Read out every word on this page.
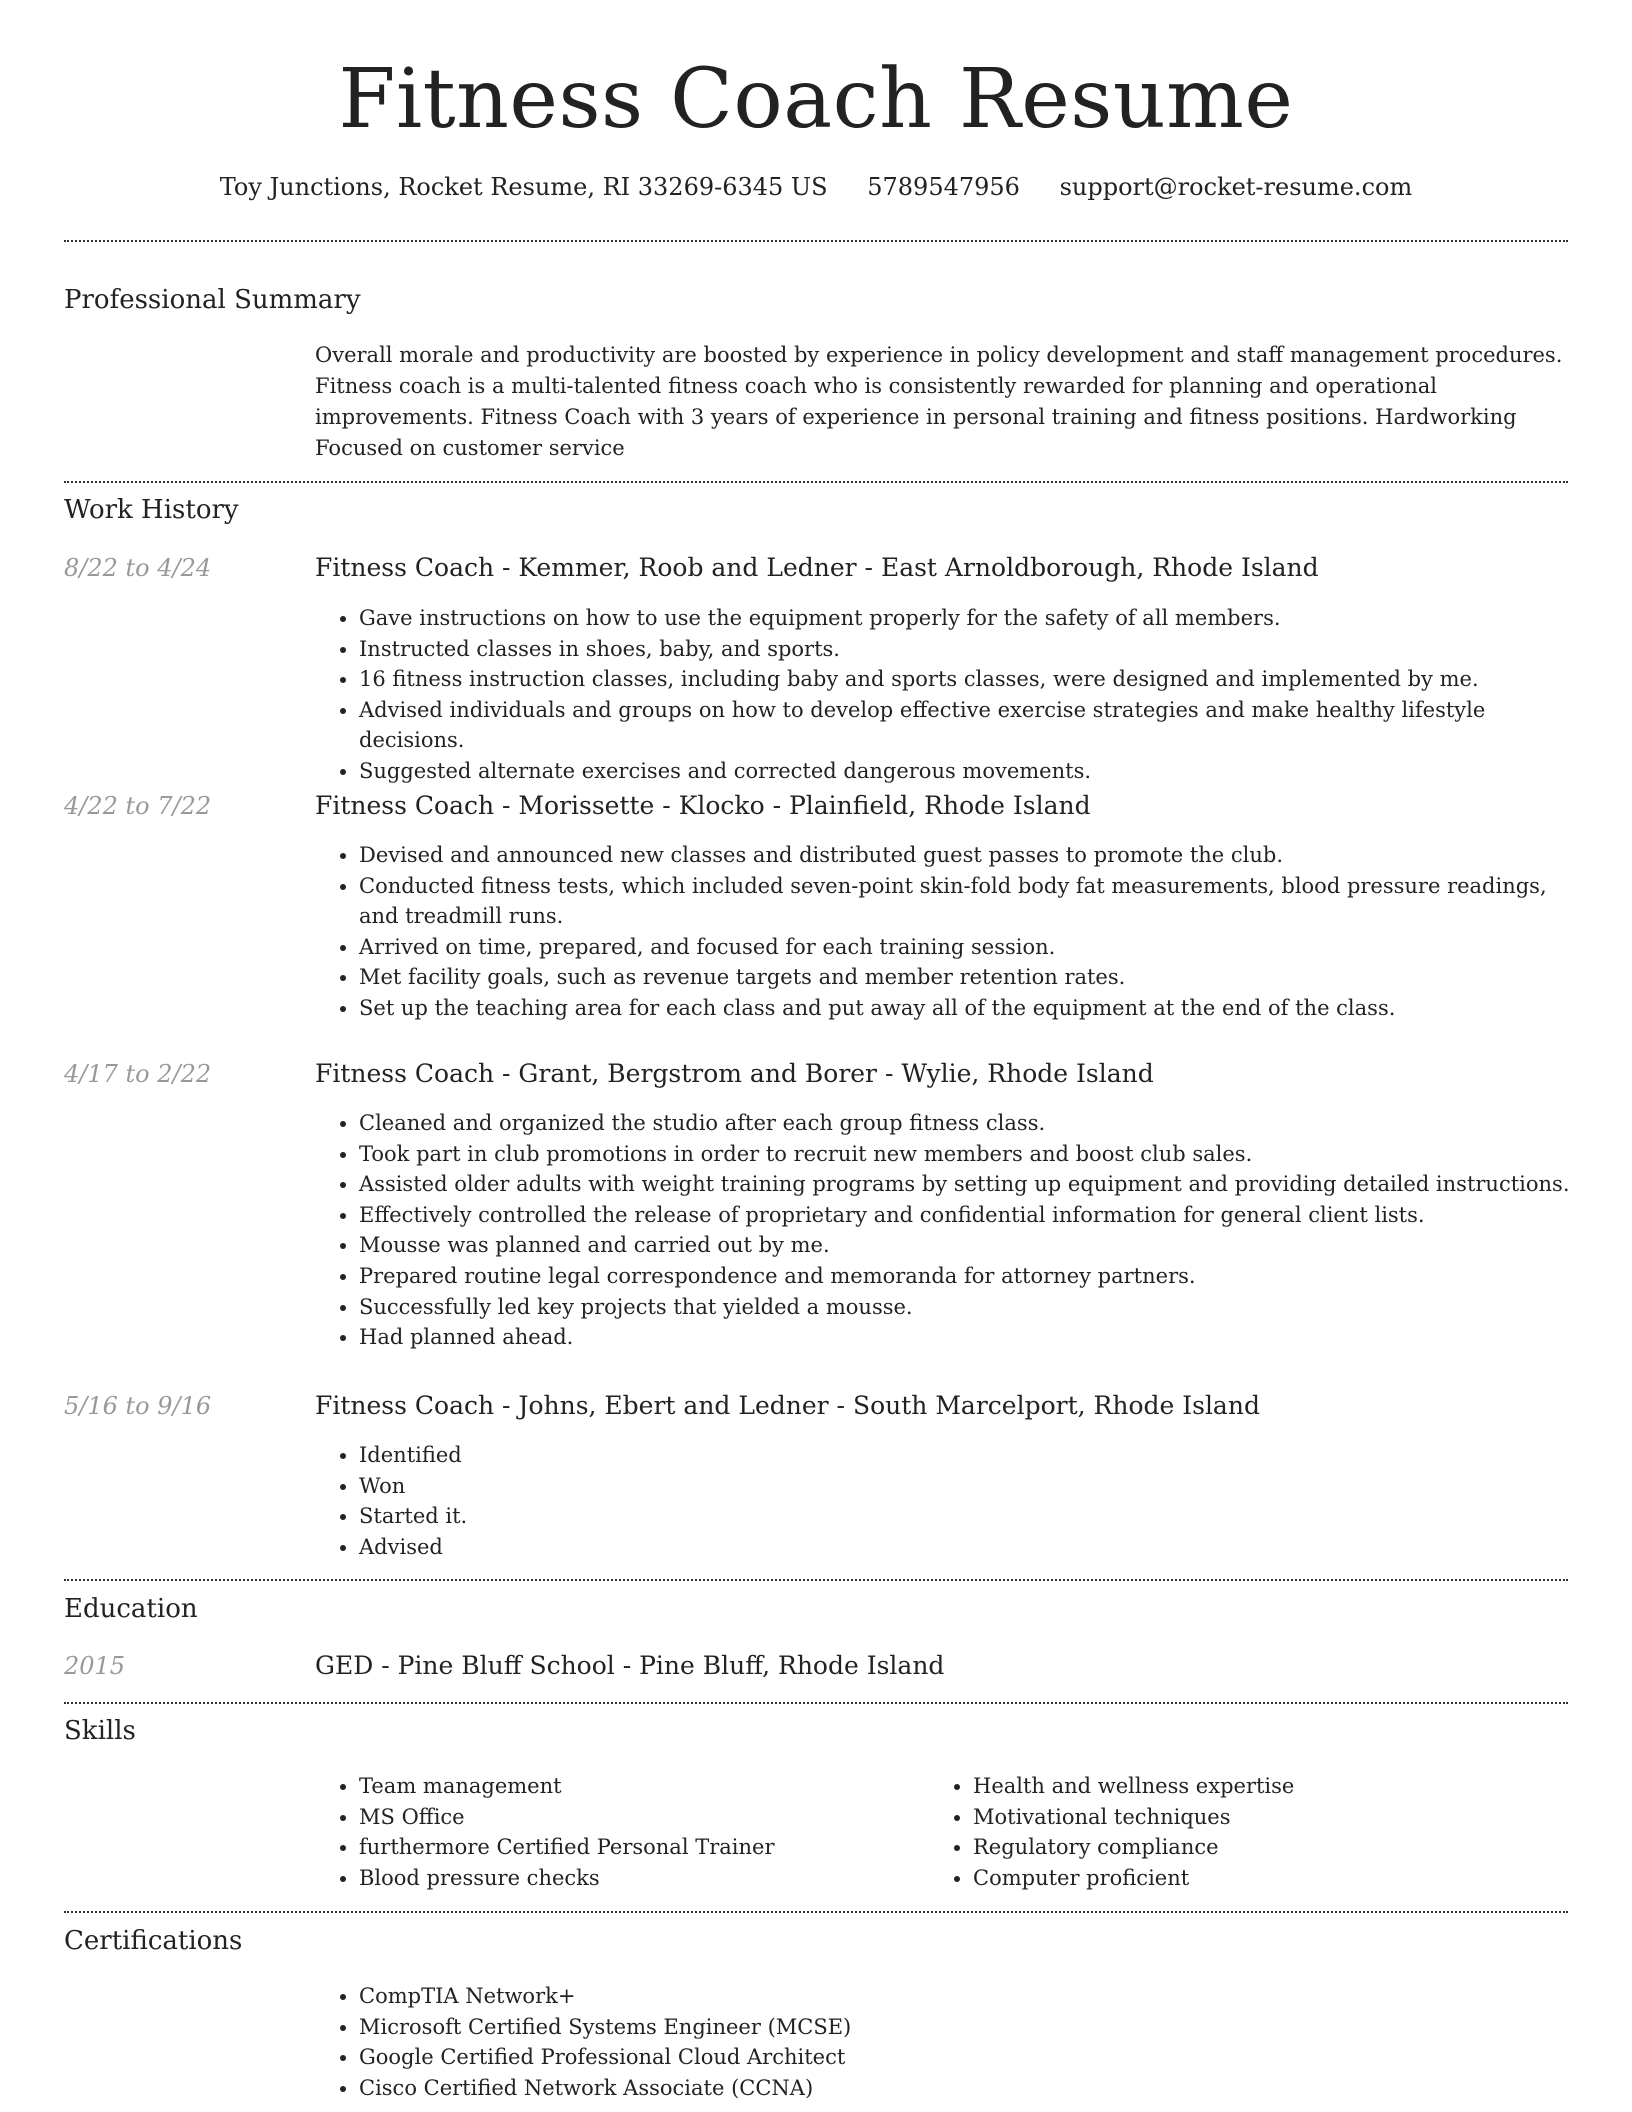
Fitness Coach Resume
Toy Junctions, Rocket Resume, RI 33269-6345 US 5789547956 support@rocket-resume.com
Professional Summary
Overall morale and productivity are boosted by experience in policy development and staff management procedures. Fitness coach is a multi-talented fitness coach who is consistently rewarded for planning and operational improvements. Fitness Coach with 3 years of experience in personal training and fitness positions. Hardworking Focused on customer service
Work History
8/22 to 4/24	Fitness Coach - Kemmer, Roob and Ledner - East Arnoldborough, Rhode Island
• Gave instructions on how to use the equipment properly for the safety of all members.
• Instructed classes in shoes, baby, and sports.
• 16 fitness instruction classes, including baby and sports classes, were designed and implemented by me.
• Advised individuals and groups on how to develop effective exercise strategies and make healthy lifestyle decisions.
• Suggested alternate exercises and corrected dangerous movements.
4/22 to 7/22	Fitness Coach - Morissette - Klocko - Plainfield, Rhode Island
• Devised and announced new classes and distributed guest passes to promote the club.
• Conducted fitness tests, which included seven-point skin-fold body fat measurements, blood pressure readings, and treadmill runs.
• Arrived on time, prepared, and focused for each training session.
• Met facility goals, such as revenue targets and member retention rates.
• Set up the teaching area for each class and put away all of the equipment at the end of the class.
4/17 to 2/22	Fitness Coach - Grant, Bergstrom and Borer - Wylie, Rhode Island
• Cleaned and organized the studio after each group fitness class.
• Took part in club promotions in order to recruit new members and boost club sales.
• Assisted older adults with weight training programs by setting up equipment and providing detailed instructions.
• Effectively controlled the release of proprietary and confidential information for general client lists.
• Mousse was planned and carried out by me.
• Prepared routine legal correspondence and memoranda for attorney partners.
• Successfully led key projects that yielded a mousse.
• Had planned ahead.
5/16 to 9/16	Fitness Coach - Johns, Ebert and Ledner - South Marcelport, Rhode Island
• Identified
• Won
• Started it.
• Advised
Education
2015	GED - Pine Bluff School - Pine Bluff, Rhode Island
Skills
• Team management
• MS Office
• furthermore Certified Personal Trainer
• Blood pressure checks
• Health and wellness expertise
• Motivational techniques
• Regulatory compliance
• Computer proficient
Certifications
• CompTIA Network+
• Microsoft Certified Systems Engineer (MCSE)
• Google Certified Professional Cloud Architect
• Cisco Certified Network Associate (CCNA)
